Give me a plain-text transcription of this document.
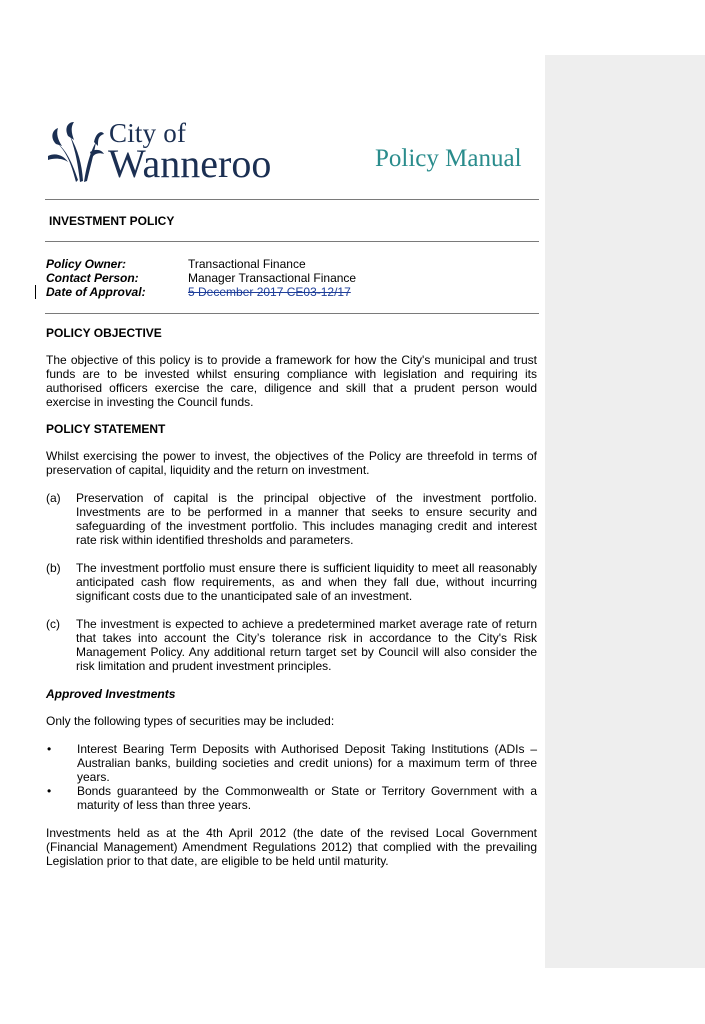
City of
Wanneroo	Policy Manual
INVESTMENT POLICY
Policy Owner:	Transactional Finance
Contact Person:	Manager Transactional Finance
Date of Approval:	5 December 2017 CE03-12/17
POLICY OBJECTIVE

The objective of this policy is to provide a framework for how the City's municipal and trust funds are to be invested whilst ensuring compliance with legislation and requiring its authorised officers exercise the care, diligence and skill that a prudent person would exercise in investing the Council funds.

POLICY STATEMENT

Whilst exercising the power to invest, the objectives of the Policy are threefold in terms of preservation of capital, liquidity and the return on investment.

(a)	Preservation of capital is the principal objective of the investment portfolio. Investments are to be performed in a manner that seeks to ensure security and safeguarding of the investment portfolio. This includes managing credit and interest rate risk within identified thresholds and parameters.
(b)	The investment portfolio must ensure there is sufficient liquidity to meet all reasonably anticipated cash flow requirements, as and when they fall due, without incurring significant costs due to the unanticipated sale of an investment.
(c)	The investment is expected to achieve a predetermined market average rate of return that takes into account the City’s tolerance risk in accordance to the City's Risk Management Policy. Any additional return target set by Council will also consider the risk limitation and prudent investment principles.
Approved Investments

Only the following types of securities may be included:

•	Interest Bearing Term Deposits with Authorised Deposit Taking Institutions (ADIs – Australian banks, building societies and credit unions) for a maximum term of three years.
•	Bonds guaranteed by the Commonwealth or State or Territory Government with a maturity of less than three years.

Investments held as at the 4th April 2012 (the date of the revised Local Government (Financial Management) Amendment Regulations 2012) that complied with the prevailing Legislation prior to that date, are eligible to be held until maturity.
